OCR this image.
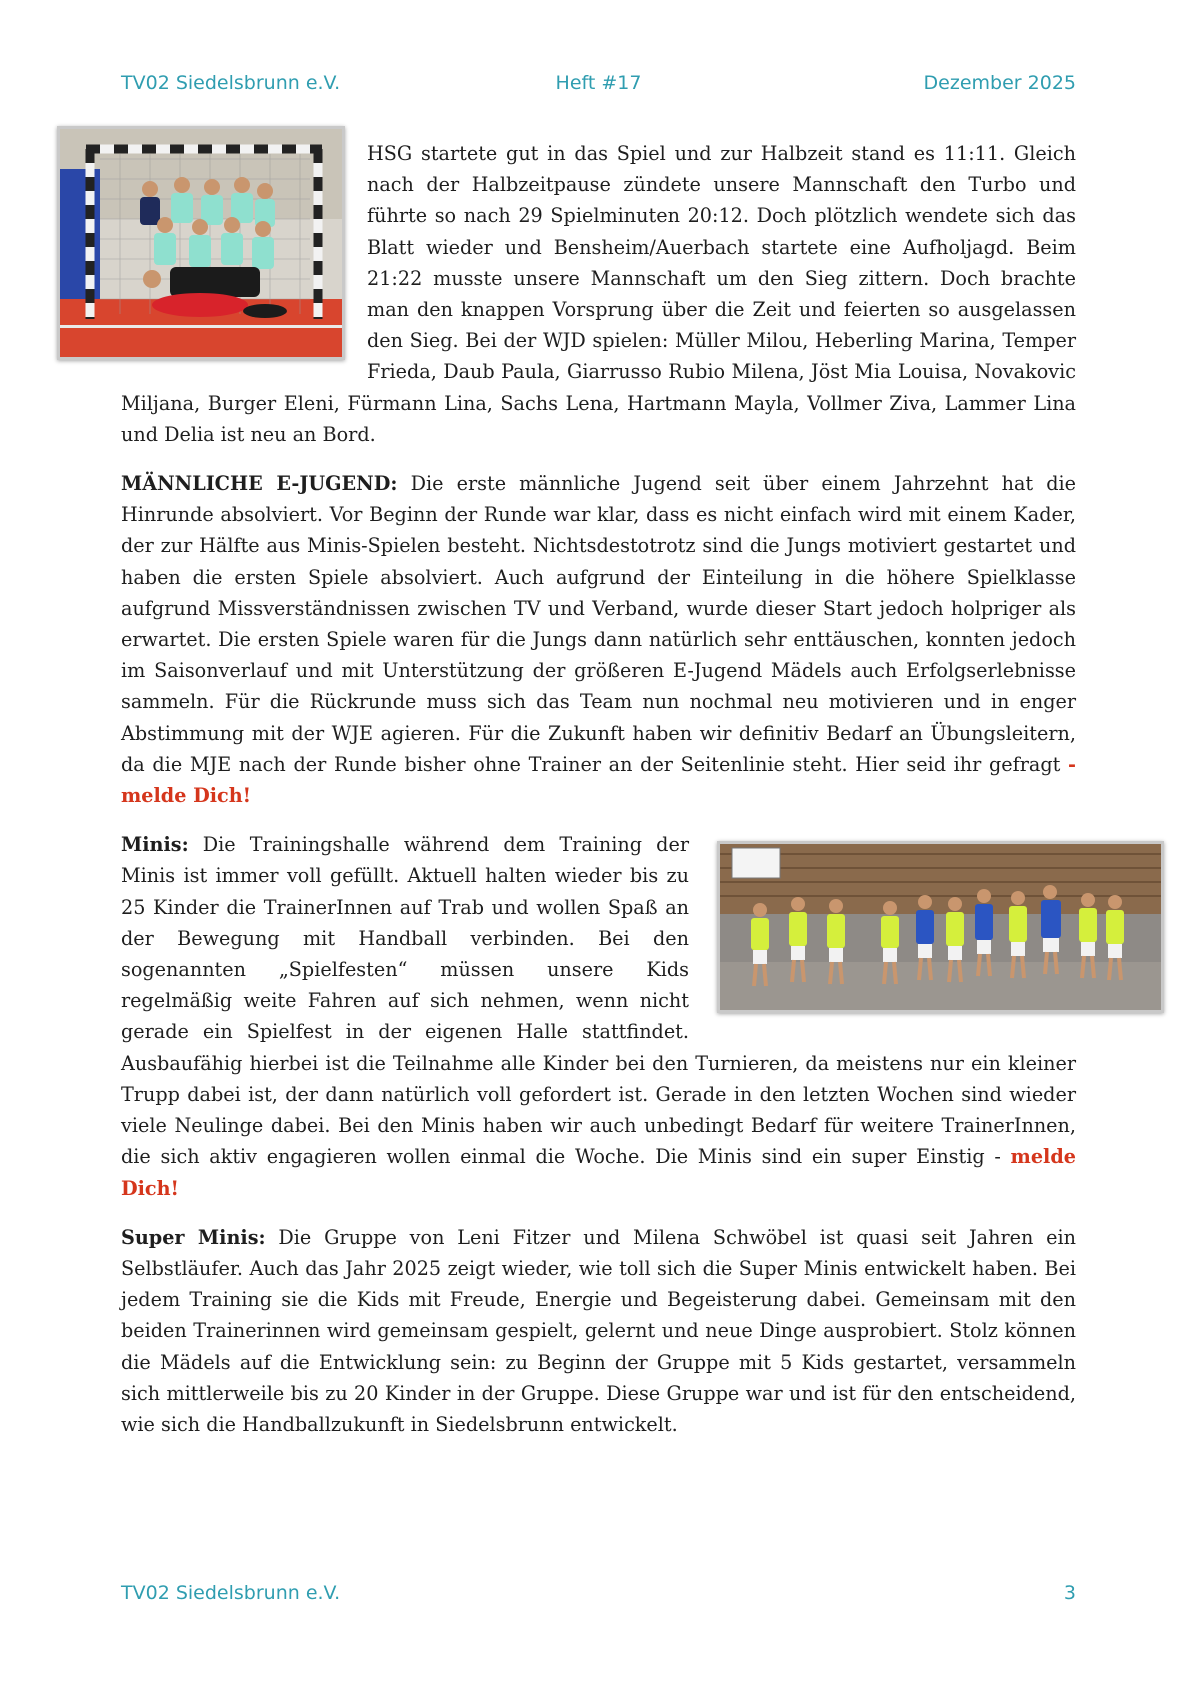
TV02 Siedelsbrunn e.V.	Heft #17	Dezember 2025

HSG startete gut in das Spiel und zur Halbzeit stand es 11:11. Gleich nach der Halbzeitpause zündete unsere Mannschaft den Turbo und führte so nach 29 Spielminuten 20:12. Doch plötzlich wendete sich das Blatt wieder und Bensheim/Auerbach startete eine Aufholjagd. Beim 21:22 musste unsere Mannschaft um den Sieg zittern. Doch brachte man den knappen Vorsprung über die Zeit und feierten so ausgelassen den Sieg. Bei der WJD spielen: Müller Milou, Heberling Marina, Temper Frieda, Daub Paula, Giarrusso Rubio Milena, Jöst Mia Louisa, Novakovic Miljana, Burger Eleni, Fürmann Lina, Sachs Lena, Hartmann Mayla, Vollmer Ziva, Lammer Lina und Delia ist neu an Bord.

MÄNNLICHE E-JUGEND: Die erste männliche Jugend seit über einem Jahrzehnt hat die Hinrunde absolviert. Vor Beginn der Runde war klar, dass es nicht einfach wird mit einem Kader, der zur Hälfte aus Minis-Spielen besteht. Nichtsdestotrotz sind die Jungs motiviert gestartet und haben die ersten Spiele absolviert. Auch aufgrund der Einteilung in die höhere Spielklasse aufgrund Missverständnissen zwischen TV und Verband, wurde dieser Start jedoch holpriger als erwartet. Die ersten Spiele waren für die Jungs dann natürlich sehr enttäuschen, konnten jedoch im Saisonverlauf und mit Unterstützung der größeren E-Jugend Mädels auch Erfolgserlebnisse sammeln. Für die Rückrunde muss sich das Team nun nochmal neu motivieren und in enger Abstimmung mit der WJE agieren. Für die Zukunft haben wir definitiv Bedarf an Übungsleitern, da die MJE nach der Runde bisher ohne Trainer an der Seitenlinie steht. Hier seid ihr gefragt - melde Dich!

Minis: Die Trainingshalle während dem Training der Minis ist immer voll gefüllt. Aktuell halten wieder bis zu 25 Kinder die TrainerInnen auf Trab und wollen Spaß an der Bewegung mit Handball verbinden. Bei den sogenannten „Spielfesten“ müssen unsere Kids regelmäßig weite Fahren auf sich nehmen, wenn nicht gerade ein Spielfest in der eigenen Halle stattfindet. Ausbaufähig hierbei ist die Teilnahme alle Kinder bei den Turnieren, da meistens nur ein kleiner Trupp dabei ist, der dann natürlich voll gefordert ist. Gerade in den letzten Wochen sind wieder viele Neulinge dabei. Bei den Minis haben wir auch unbedingt Bedarf für weitere TrainerInnen, die sich aktiv engagieren wollen einmal die Woche. Die Minis sind ein super Einstig - melde Dich!

Super Minis: Die Gruppe von Leni Fitzer und Milena Schwöbel ist quasi seit Jahren ein Selbstläufer. Auch das Jahr 2025 zeigt wieder, wie toll sich die Super Minis entwickelt haben. Bei jedem Training sie die Kids mit Freude, Energie und Begeisterung dabei. Gemeinsam mit den beiden Trainerinnen wird gemeinsam gespielt, gelernt und neue Dinge ausprobiert. Stolz können die Mädels auf die Entwicklung sein: zu Beginn der Gruppe mit 5 Kids gestartet, versammeln sich mittlerweile bis zu 20 Kinder in der Gruppe. Diese Gruppe war und ist für den entscheidend, wie sich die Handballzukunft in Siedelsbrunn entwickelt.

TV02 Siedelsbrunn e.V.	3
